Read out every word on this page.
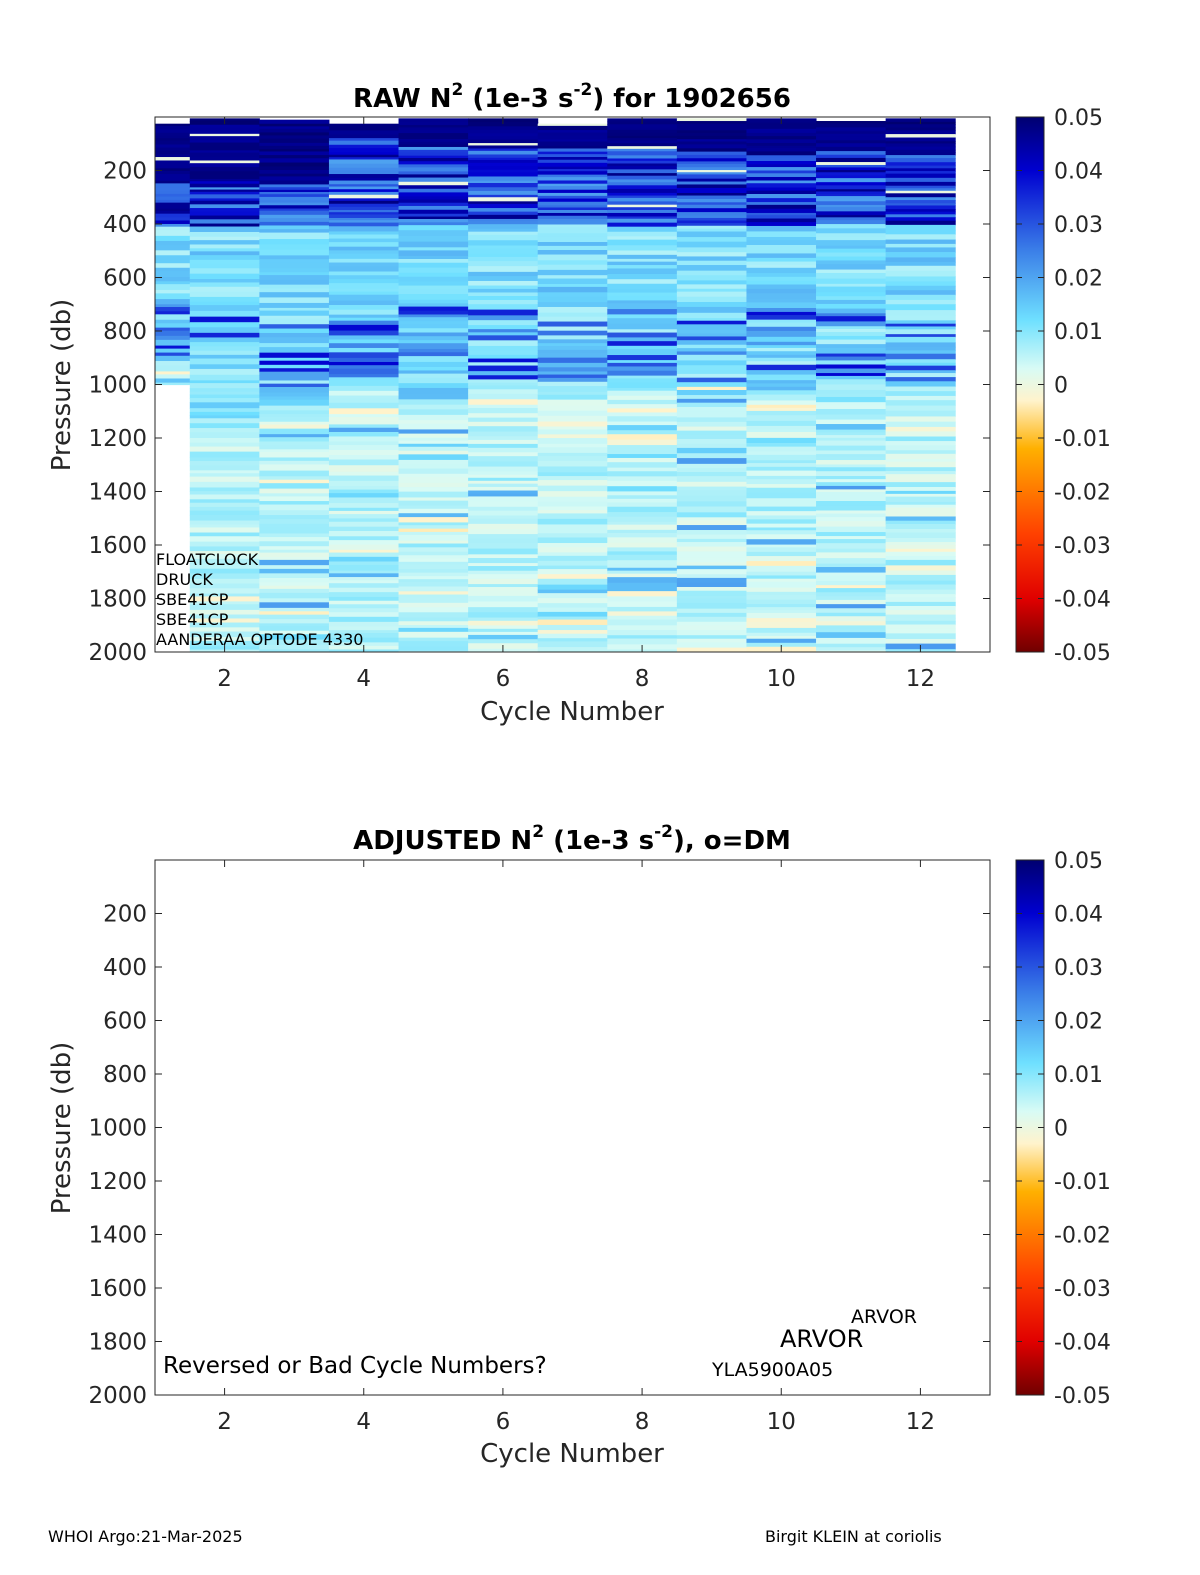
RAW $N^2$ (1e-3 $s^{-2}$) for 1902656
2	4	6	8	10	12
200
400
600
800
1000
1200
1400
1600
1800
2000
Cycle Number
Pressure (db)
FLOATCLOCK
DRUCK
SBE41CP
SBE41CP
AANDERAA OPTODE 4330
0.05
0.04
0.03
0.02
0.01
0
-0.01
-0.02
-0.03
-0.04
-0.05
ADJUSTED $N^2$ (1e-3 $s^{-2}$), o=DM
2	4	6	8	10	12
200
400
600
800
1000
1200
1400
1600
1800
2000
Cycle Number
Pressure (db)
Reversed or Bad Cycle Numbers?
ARVOR
ARVOR
YLA5900A05
0.05
0.04
0.03
0.02
0.01
0
-0.01
-0.02
-0.03
-0.04
-0.05
WHOI Argo:21-Mar-2025	Birgit KLEIN at coriolis
